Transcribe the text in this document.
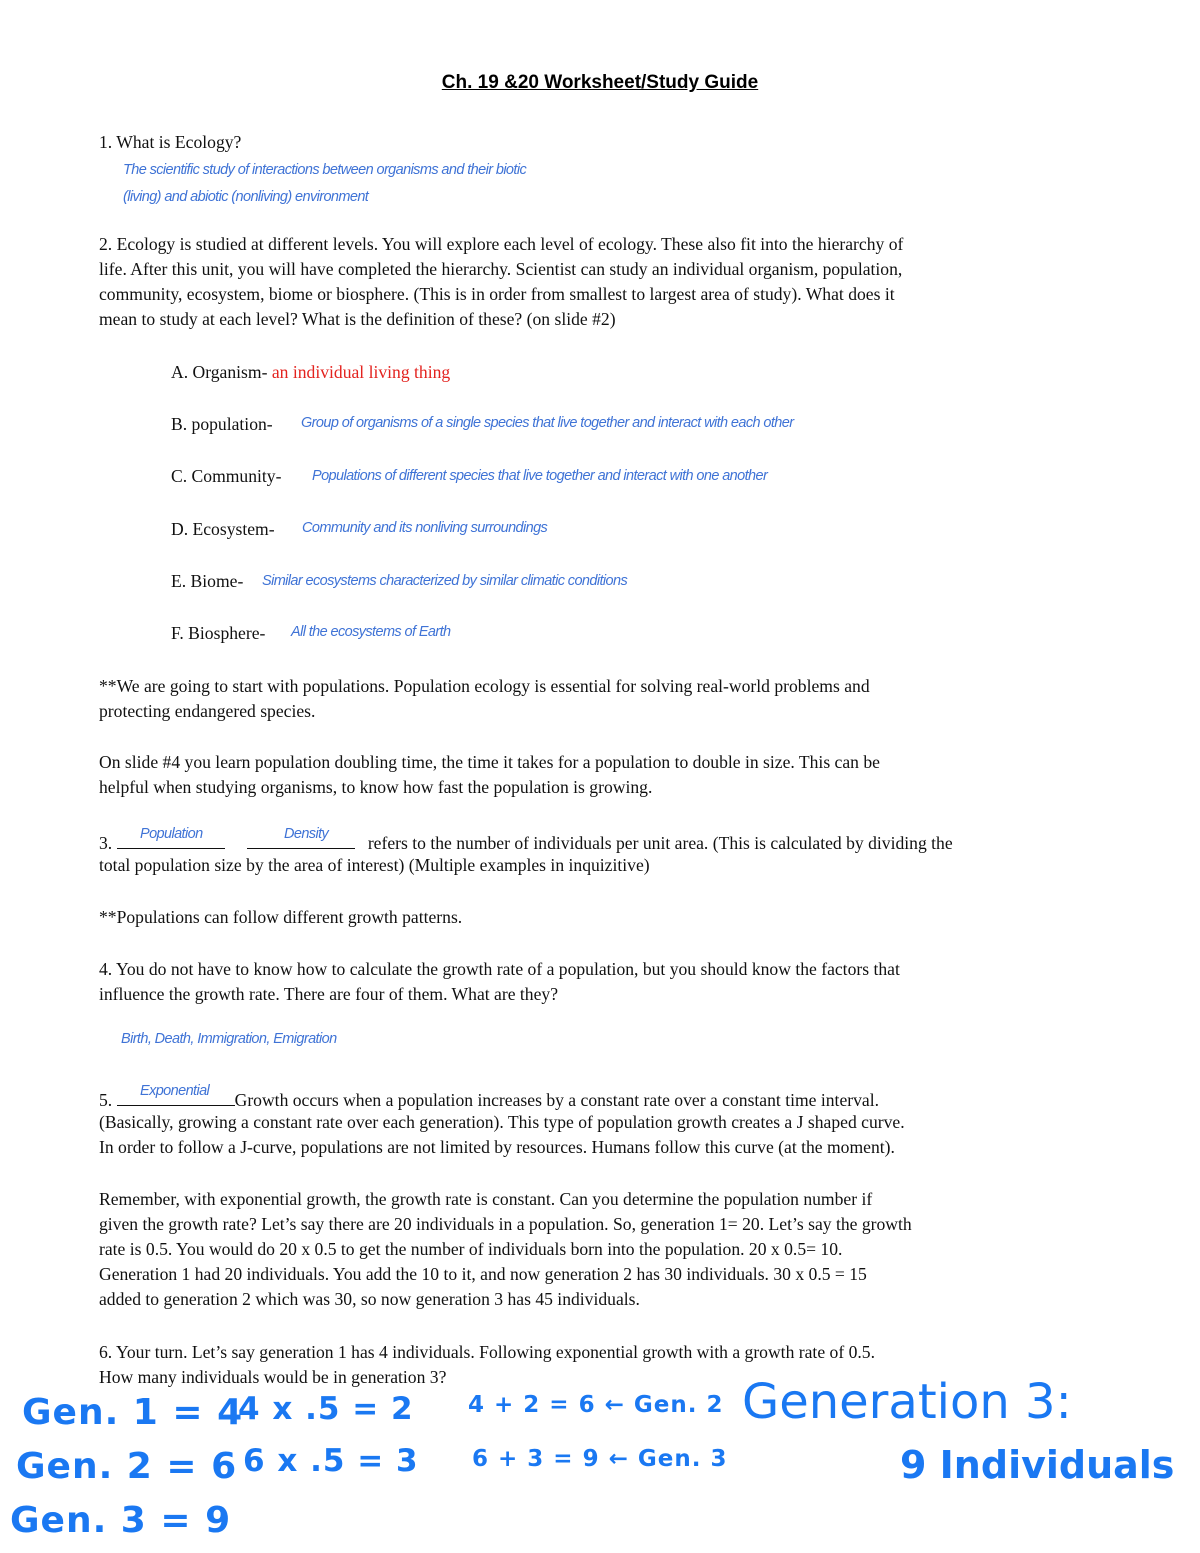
Ch. 19 &20 Worksheet/Study Guide
1. What is Ecology?
The scientific study of interactions between organisms and their biotic
(living) and abiotic (nonliving) environment
2. Ecology is studied at different levels. You will explore each level of ecology. These also fit into the hierarchy of
life. After this unit, you will have completed the hierarchy. Scientist can study an individual organism, population,
community, ecosystem, biome or biosphere. (This is in order from smallest to largest area of study). What does it
mean to study at each level? What is the definition of these? (on slide #2)
A. Organism- an individual living thing
B. population- Group of organisms of a single species that live together and interact with each other
C. Community- Populations of different species that live together and interact with one another
D. Ecosystem- Community and its nonliving surroundings
E. Biome- Similar ecosystems characterized by similar climatic conditions
F. Biosphere- All the ecosystems of Earth
**We are going to start with populations. Population ecology is essential for solving real-world problems and
protecting endangered species.
On slide #4 you learn population doubling time, the time it takes for a population to double in size. This can be
helpful when studying organisms, to know how fast the population is growing.
3.	refers to the number of individuals per unit area. (This is calculated by dividing the
Population	Density
total population size by the area of interest) (Multiple examples in inquizitive)
**Populations can follow different growth patterns.
4. You do not have to know how to calculate the growth rate of a population, but you should know the factors that
influence the growth rate. There are four of them. What are they?
Birth, Death, Immigration, Emigration
5.	Growth occurs when a population increases by a constant rate over a constant time interval.
Exponential
(Basically, growing a constant rate over each generation). This type of population growth creates a J shaped curve.
In order to follow a J-curve, populations are not limited by resources. Humans follow this curve (at the moment).
Remember, with exponential growth, the growth rate is constant. Can you determine the population number if
given the growth rate? Let’s say there are 20 individuals in a population. So, generation 1= 20. Let’s say the growth
rate is 0.5. You would do 20 x 0.5 to get the number of individuals born into the population. 20 x 0.5= 10.
Generation 1 had 20 individuals. You add the 10 to it, and now generation 2 has 30 individuals. 30 x 0.5 = 15
added to generation 2 which was 30, so now generation 3 has 45 individuals.
6. Your turn. Let’s say generation 1 has 4 individuals. Following exponential growth with a growth rate of 0.5.
How many individuals would be in generation 3?
Gen. 1 = 4
Gen. 2 = 6
Gen. 3 = 9
4 x .5 = 2
6 x .5 = 3
4 + 2 = 6 ← Gen. 2
6 + 3 = 9 ← Gen. 3
Generation 3:
9 Individuals
